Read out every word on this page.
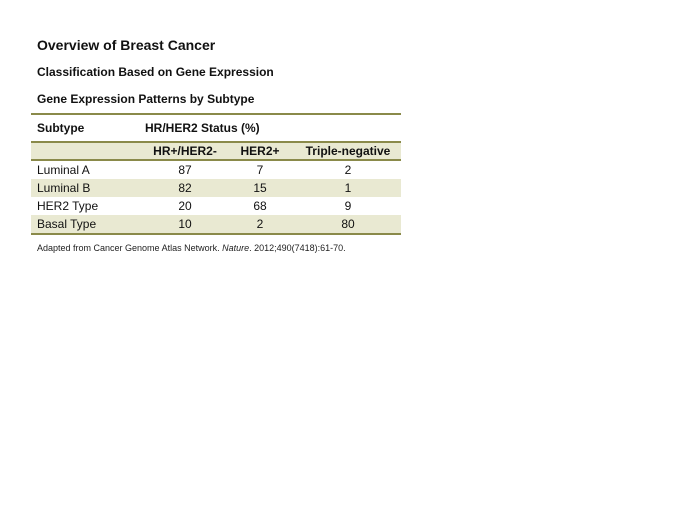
Overview of Breast Cancer
Classification Based on Gene Expression
Gene Expression Patterns by Subtype
Subtype	HR/HER2 Status (%)		
	HR+/HER2-	HER2+	Triple-negative
Luminal A	87	7	2
Luminal B	82	15	1
HER2 Type	20	68	9
Basal Type	10	2	80
Adapted from Cancer Genome Atlas Network. Nature. 2012;490(7418):61-70.
